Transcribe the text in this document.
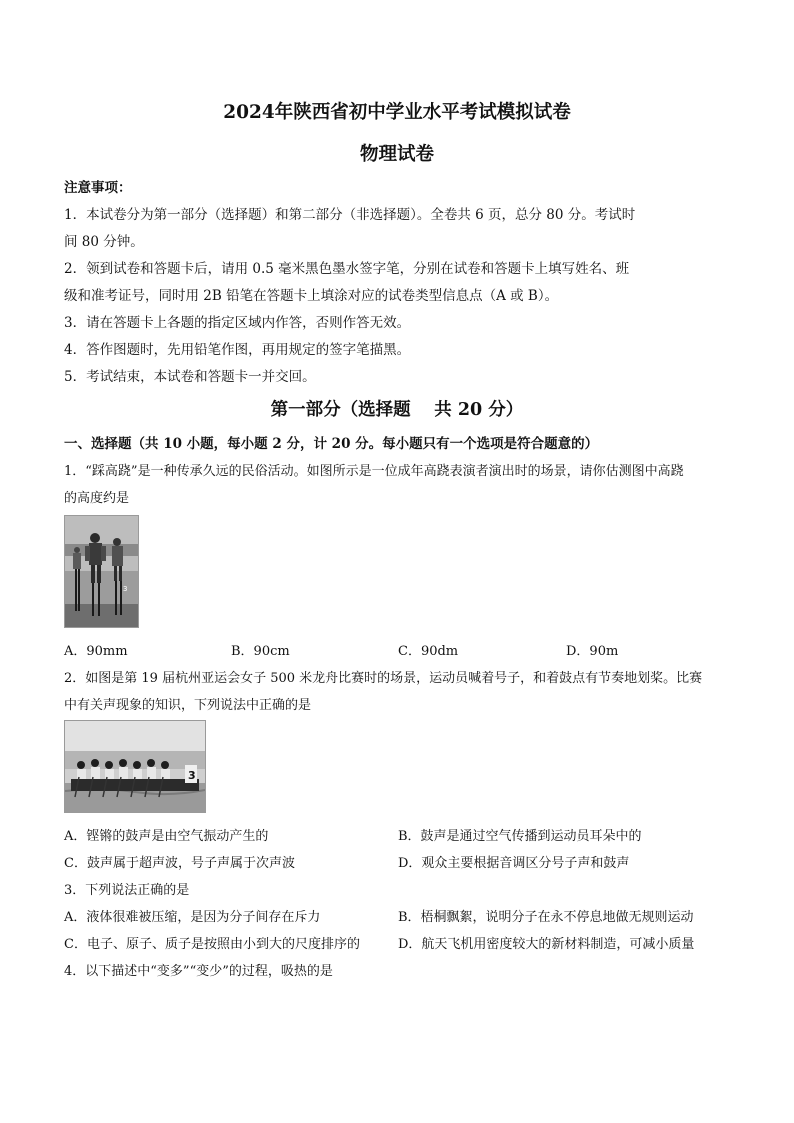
2024年陕西省初中学业水平考试模拟试卷
物理试卷
注意事项：
1．本试卷分为第一部分（选择题）和第二部分（非选择题）。全卷共 6 页，总分 80 分。考试时
间 80 分钟。
2．领到试卷和答题卡后，请用 0.5 毫米黑色墨水签字笔，分别在试卷和答题卡上填写姓名、班
级和准考证号，同时用 2B 铅笔在答题卡上填涂对应的试卷类型信息点（A 或 B）。
3．请在答题卡上各题的指定区域内作答，否则作答无效。
4．答作图题时，先用铅笔作图，再用规定的签字笔描黑。
5．考试结束，本试卷和答题卡一并交回。
第一部分（选择题　 共 20 分）
一、选择题（共 10 小题，每小题 2 分，计 20 分。每小题只有一个选项是符合题意的）
1．“踩高跷”是一种传承久远的民俗活动。如图所示是一位成年高跷表演者演出时的场景，请你估测图中高跷
的高度约是
3
A．90mm	B．90cm	C．90dm	D．90m
2．如图是第 19 届杭州亚运会女子 500 米龙舟比赛时的场景，运动员喊着号子，和着鼓点有节奏地划桨。比赛
中有关声现象的知识，下列说法中正确的是
3
A．铿锵的鼓声是由空气振动产生的	B．鼓声是通过空气传播到运动员耳朵中的
C．鼓声属于超声波，号子声属于次声波	D．观众主要根据音调区分号子声和鼓声
3．下列说法正确的是
A．液体很难被压缩，是因为分子间存在斥力	B．梧桐飘絮，说明分子在永不停息地做无规则运动
C．电子、原子、质子是按照由小到大的尺度排序的	D．航天飞机用密度较大的新材料制造，可减小质量
4．以下描述中“变多”“变少”的过程，吸热的是
